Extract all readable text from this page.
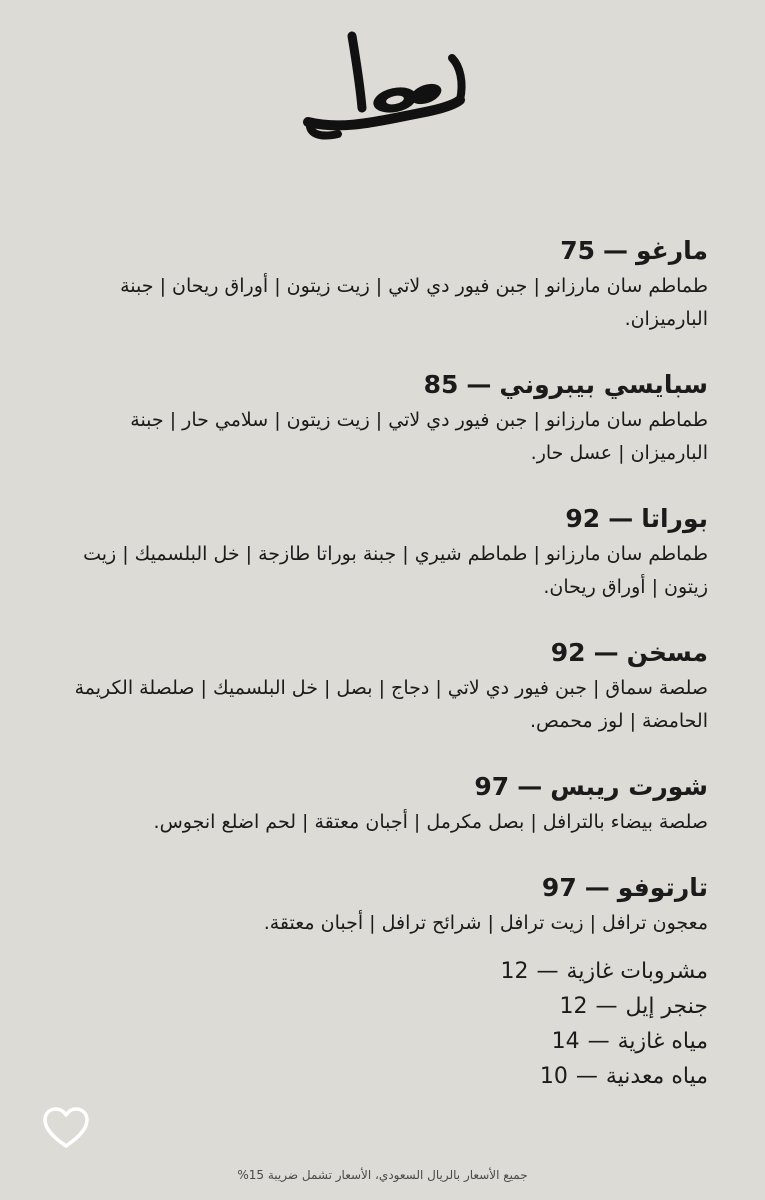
مارغو—75
طماطم سان مارزانو | جبن فيور دي لاتي | زيت زيتون | أوراق ريحان | جبنة البارميزان.
سبايسي بيبروني—85
طماطم سان مارزانو | جبن فيور دي لاتي | زيت زيتون | سلامي حار | جبنة البارميزان | عسل حار.
بوراتا—92
طماطم سان مارزانو | طماطم شيري | جبنة بوراتا طازجة | خل البلسميك | زيت زيتون | أوراق ريحان.
مسخن—92
صلصة سماق | جبن فيور دي لاتي | دجاج | بصل | خل البلسميك | صلصلة الكريمة الحامضة | لوز محمص.
شورت ريبس—97
صلصة بيضاء بالترافل | بصل مكرمل | أجبان معتقة | لحم اضلع انجوس.
تارتوفو—97
معجون ترافل | زيت ترافل | شرائح ترافل | أجبان معتقة.
مشروبات غازية—12
جنجر إيل—12
مياه غازية—14
مياه معدنية—10
جميع الأسعار بالريال السعودي، الأسعار تشمل ضريبة 15%
